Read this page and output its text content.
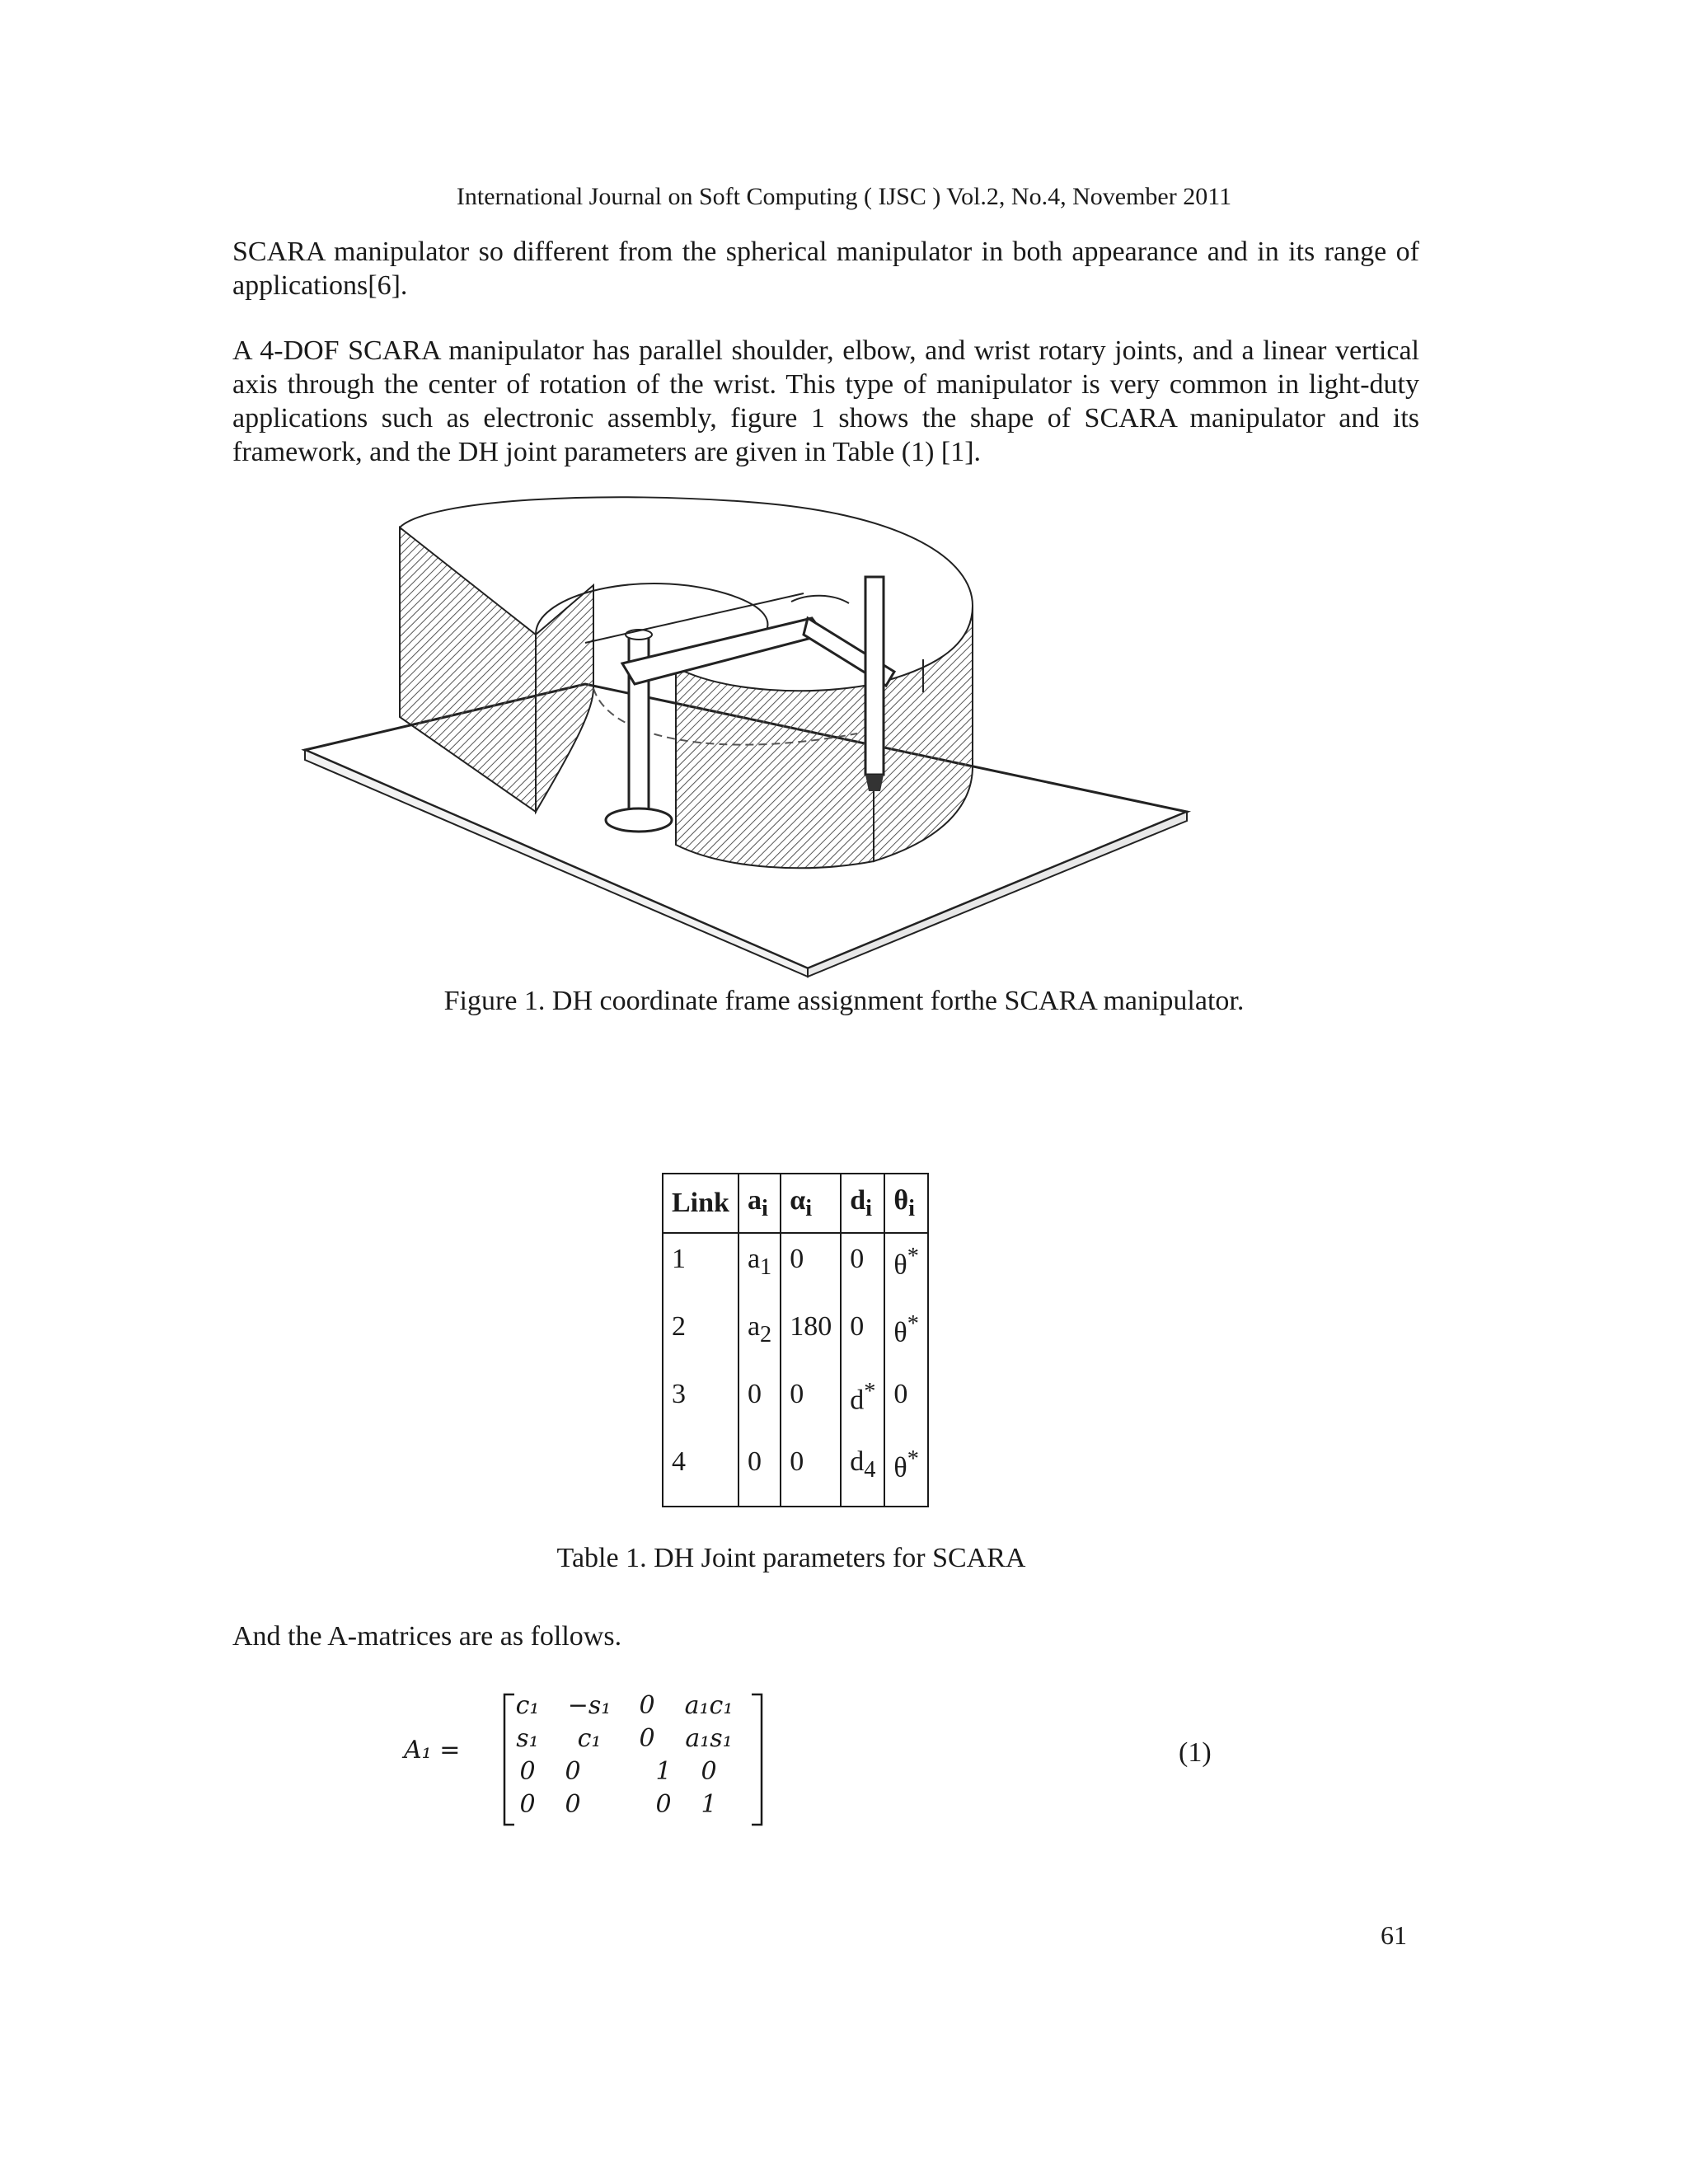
International Journal on Soft Computing ( IJSC ) Vol.2, No.4, November 2011

SCARA manipulator so different from the spherical manipulator in both appearance and in its range of applications[6].

A 4-DOF SCARA manipulator has parallel shoulder, elbow, and wrist rotary joints, and a linear vertical axis through the center of rotation of the wrist. This type of manipulator is very common in light-duty applications such as electronic assembly, figure 1 shows the shape of SCARA manipulator and its framework, and the DH joint parameters are given in Table (1) [1].

Figure 1. DH coordinate frame assignment forthe SCARA manipulator.
Link	$a_i$	$\alpha_i$	$d_i$	$\theta_i$
1	$a_1$	0	0	θ*
2	$a_2$	180	0	θ*
3	0	0	d*	0
4	0	0	$d_4$	θ*
Table 1. DH Joint parameters for SCARA

And the A-matrices are as follows.

A₁ =
c₁	−s₁	0	a₁c₁
s₁	c₁	0	a₁s₁
0	0	1	0
0	0	0	1
(1)
61
